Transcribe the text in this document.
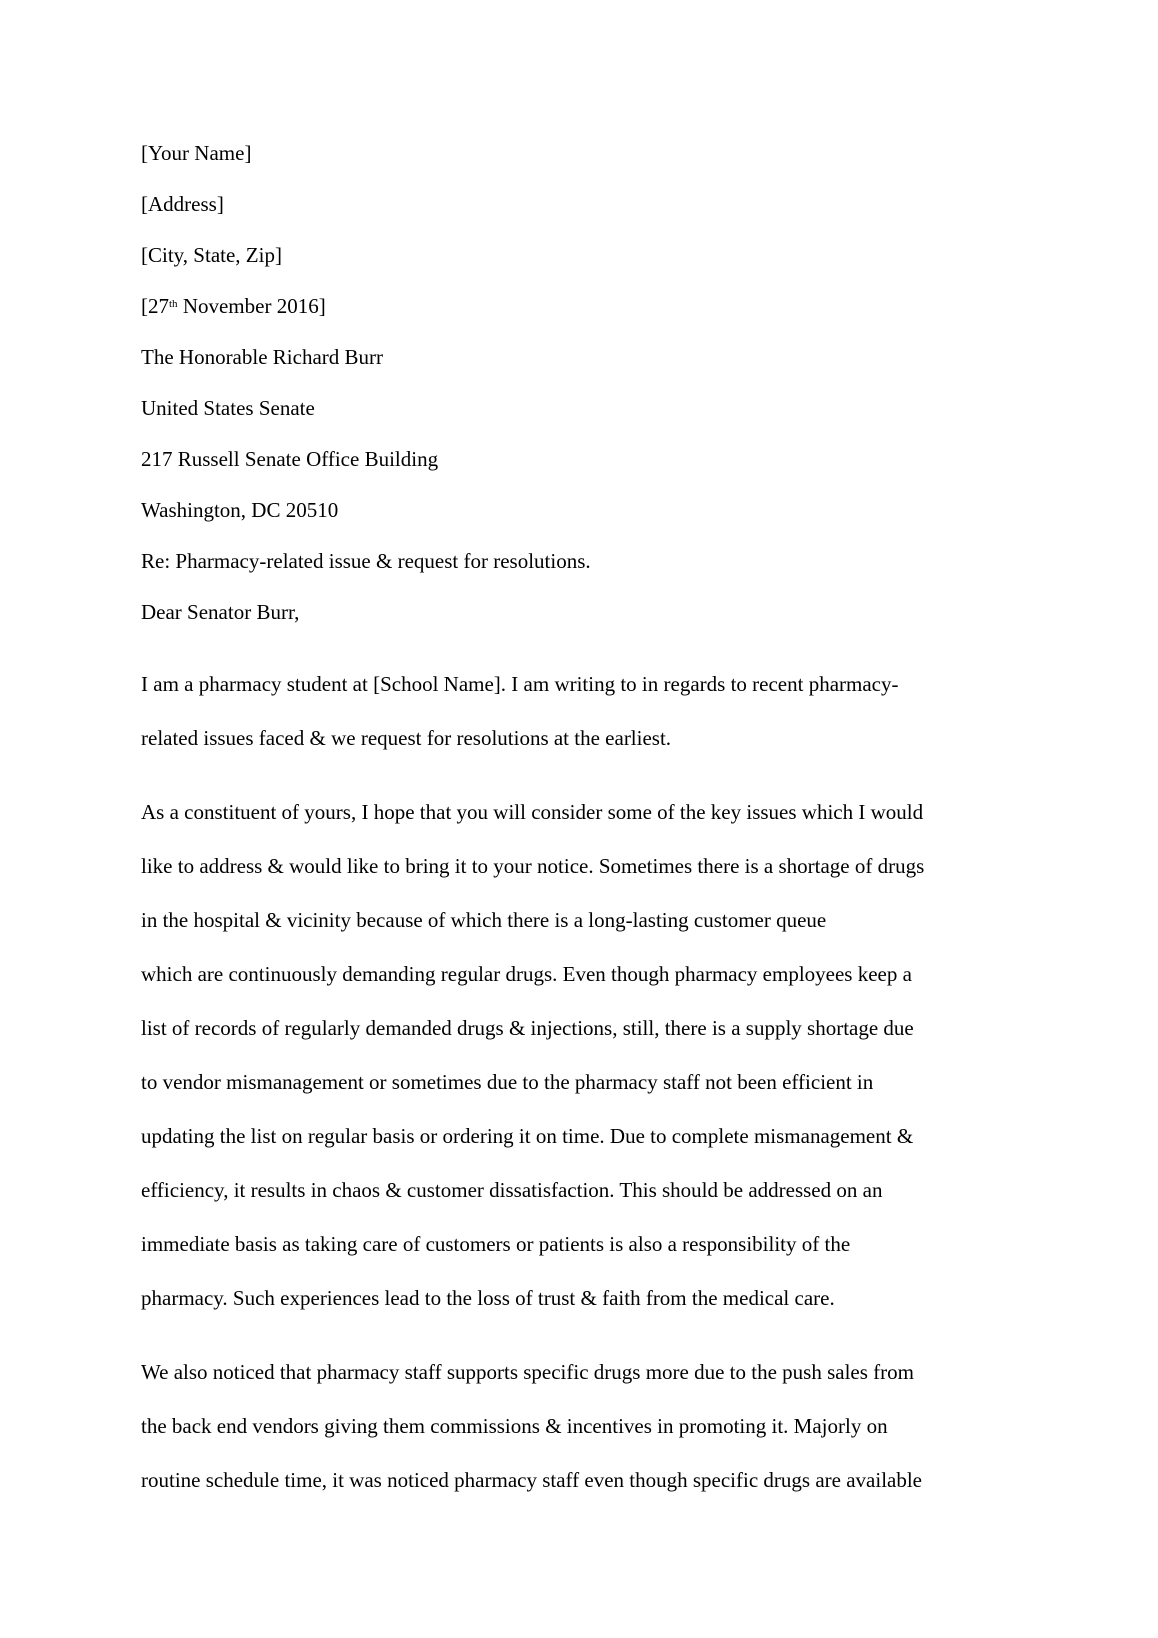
[Your Name]
[Address]
[City, State, Zip]
[27th November 2016]
The Honorable Richard Burr
United States Senate
217 Russell Senate Office Building
Washington, DC 20510
Re: Pharmacy-related issue & request for resolutions.
Dear Senator Burr,
I am a pharmacy student at [School Name]. I am writing to in regards to recent pharmacy-
related issues faced & we request for resolutions at the earliest.
As a constituent of yours, I hope that you will consider some of the key issues which I would
like to address & would like to bring it to your notice. Sometimes there is a shortage of drugs
in the hospital & vicinity because of which there is a long-lasting customer queue
which are continuously demanding regular drugs. Even though pharmacy employees keep a
list of records of regularly demanded drugs & injections, still, there is a supply shortage due
to vendor mismanagement or sometimes due to the pharmacy staff not been efficient in
updating the list on regular basis or ordering it on time. Due to complete mismanagement &
efficiency, it results in chaos & customer dissatisfaction. This should be addressed on an
immediate basis as taking care of customers or patients is also a responsibility of the
pharmacy. Such experiences lead to the loss of trust & faith from the medical care.
We also noticed that pharmacy staff supports specific drugs more due to the push sales from
the back end vendors giving them commissions & incentives in promoting it. Majorly on
routine schedule time, it was noticed pharmacy staff even though specific drugs are available
